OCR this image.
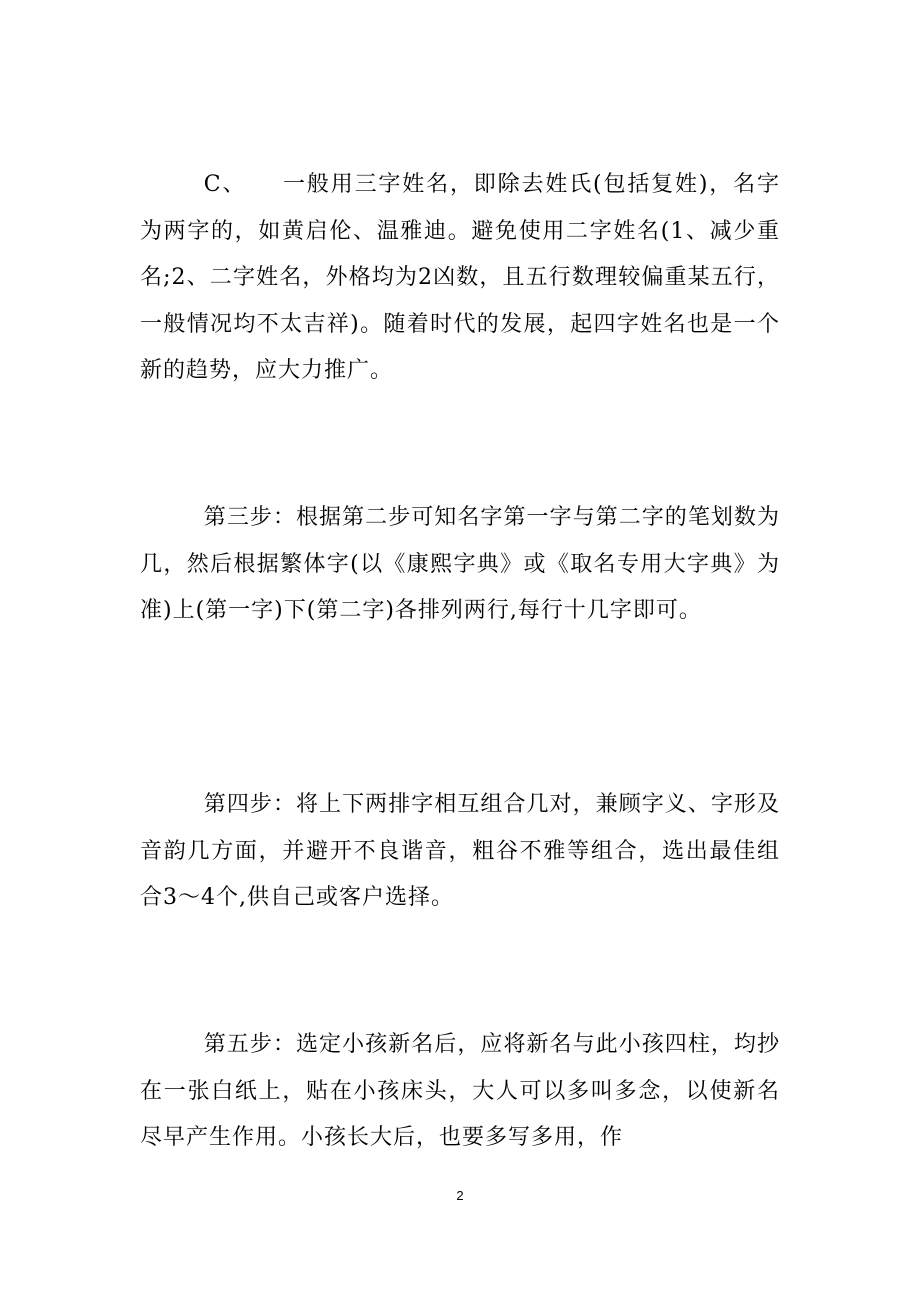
C、　　一般用三字姓名，即除去姓氏(包括复姓)，名字为两字的，如黄启伦、温雅迪。避免使用二字姓名(1、减少重名;2、二字姓名，外格均为2凶数，且五行数理较偏重某五行，一般情况均不太吉祥)。随着时代的发展，起四字姓名也是一个新的趋势，应大力推广。

第三步：根据第二步可知名字第一字与第二字的笔划数为几，然后根据繁体字(以《康熙字典》或《取名专用大字典》为准)上(第一字)下(第二字)各排列两行,每行十几字即可。

第四步：将上下两排字相互组合几对，兼顾字义、字形及音韵几方面，并避开不良谐音，粗谷不雅等组合，选出最佳组合3～4个,供自己或客户选择。

第五步：选定小孩新名后，应将新名与此小孩四柱，均抄在一张白纸上，贴在小孩床头，大人可以多叫多念，以使新名尽早产生作用。小孩长大后，也要多写多用，作

2
